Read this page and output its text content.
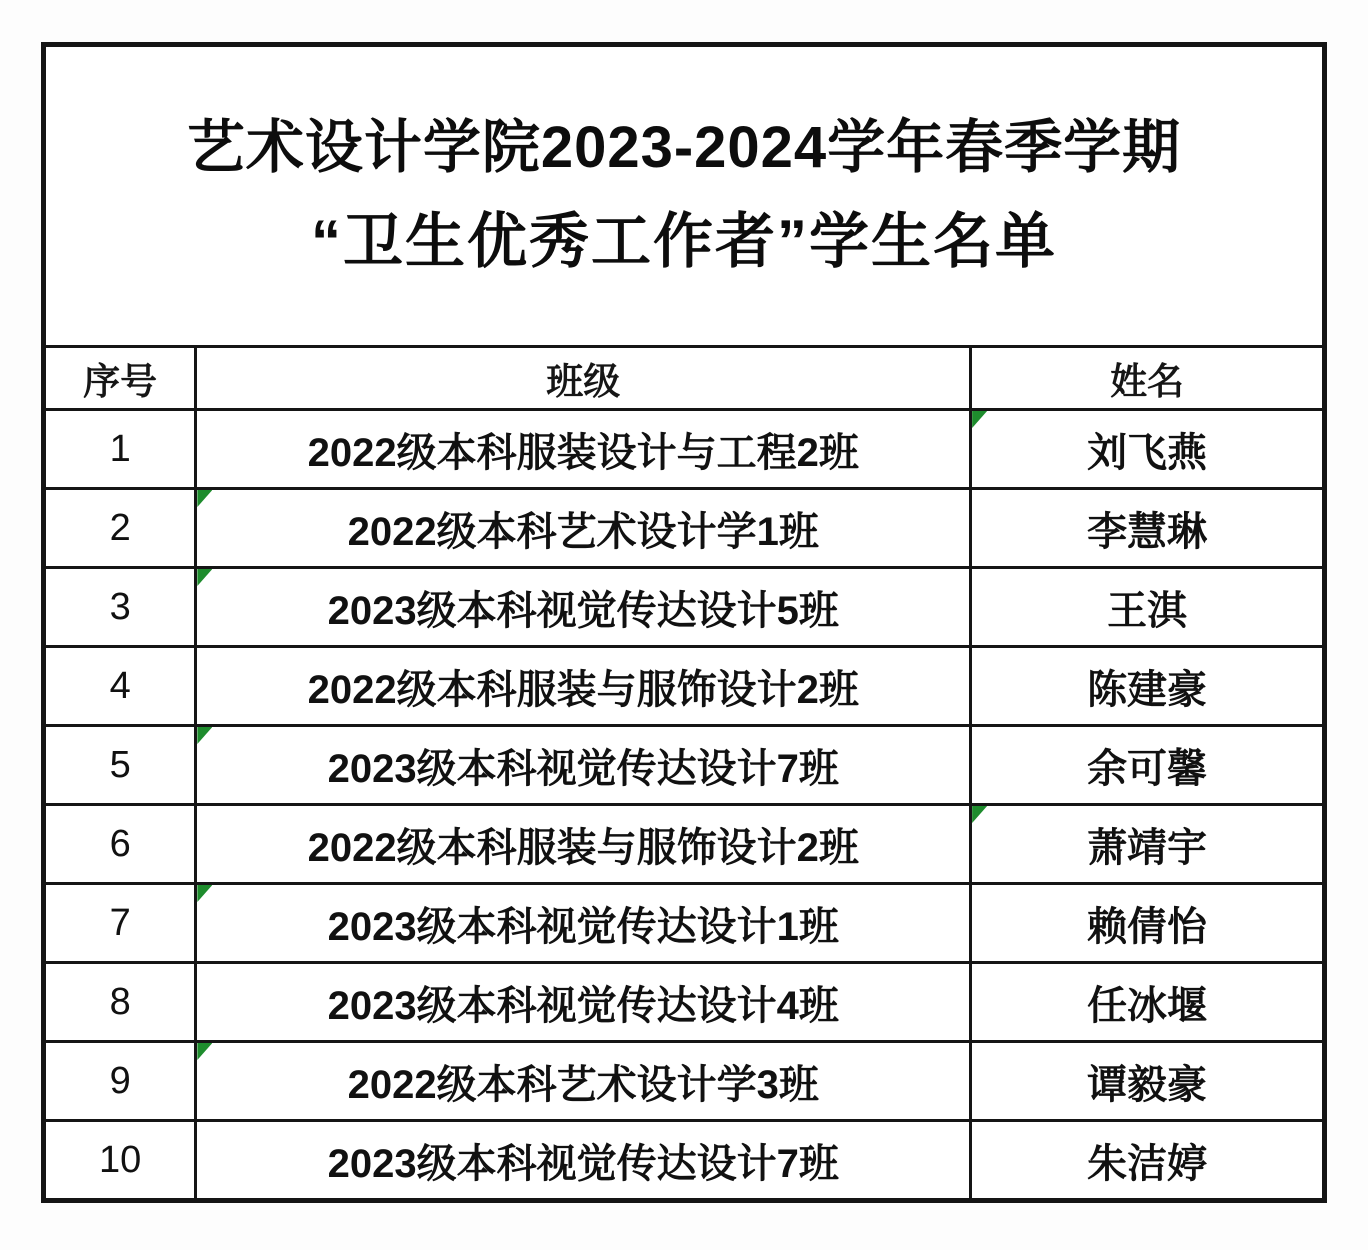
艺术设计学院2023-2024学年春季学期
“卫生优秀工作者”学生名单		

序号	班级	姓名
1	2022级本科服装设计与工程2班	刘飞燕

2	2022级本科艺术设计学1班	李慧琳
3	2023级本科视觉传达设计5班	王淇
4	2022级本科服装与服饰设计2班	陈建豪
5	2023级本科视觉传达设计7班	余可馨
6	2022级本科服装与服饰设计2班	萧靖宇

7	2023级本科视觉传达设计1班	赖倩怡
8	2023级本科视觉传达设计4班	任冰堰
9	2022级本科艺术设计学3班	谭毅豪
10	2023级本科视觉传达设计7班	朱洁婷
